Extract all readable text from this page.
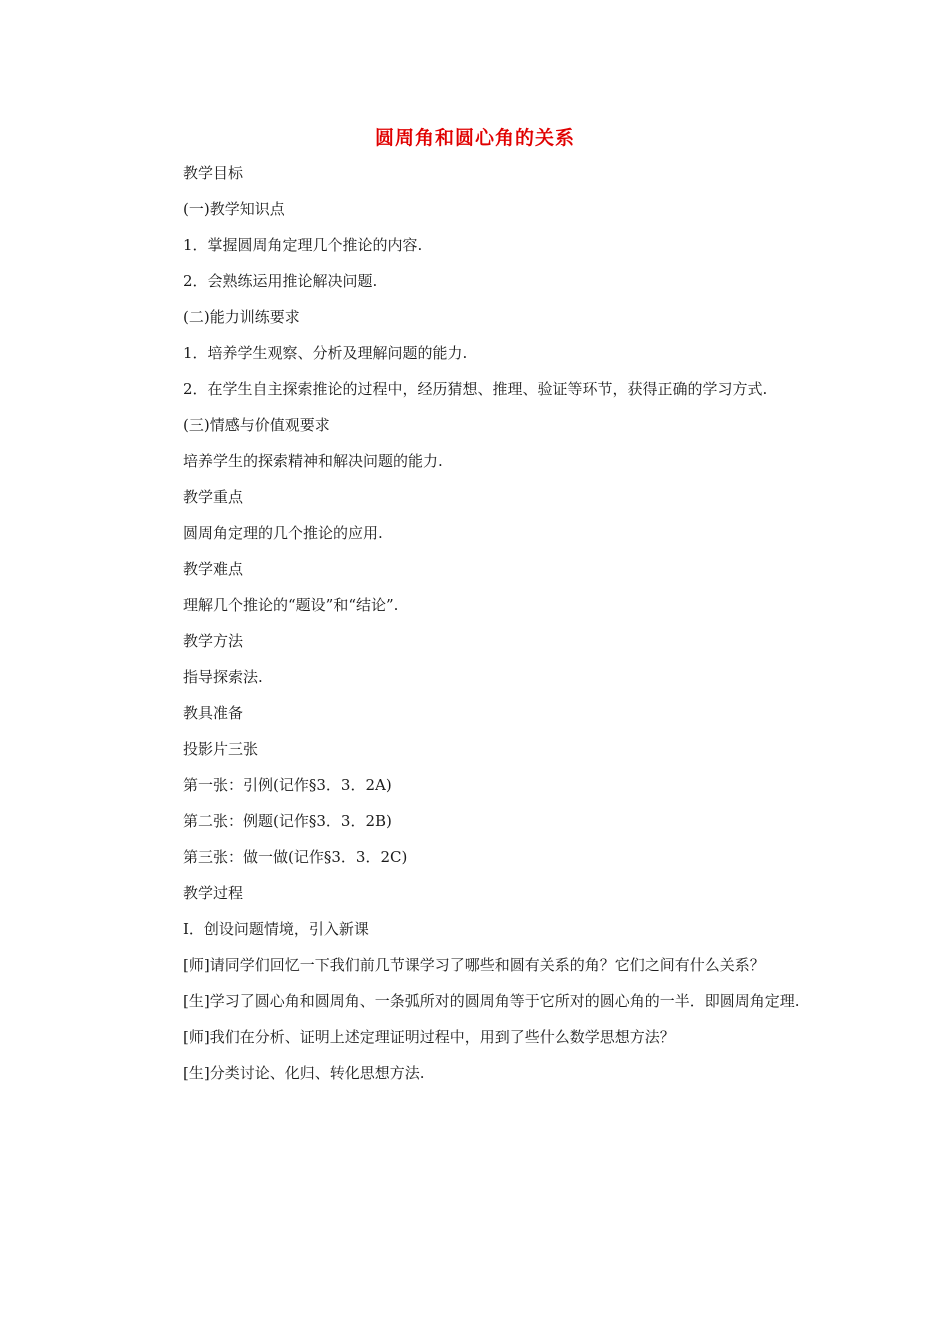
圆周角和圆心角的关系

教学目标

(一)教学知识点

1．掌握圆周角定理几个推论的内容.

2．会熟练运用推论解决问题.

(二)能力训练要求

1．培养学生观察、分析及理解问题的能力.

2．在学生自主探索推论的过程中，经历猜想、推理、验证等环节，获得正确的学习方式.

(三)情感与价值观要求

培养学生的探索精神和解决问题的能力.

教学重点

圆周角定理的几个推论的应用.

教学难点

理解几个推论的“题设”和“结论”.

教学方法

指导探索法.

教具准备

投影片三张

第一张：引例(记作§3．3．2A)

第二张：例题(记作§3．3．2B)

第三张：做一做(记作§3．3．2C)

教学过程

Ⅰ．创设问题情境，引入新课

[师]请同学们回忆一下我们前几节课学习了哪些和圆有关系的角？它们之间有什么关系？

[生]学习了圆心角和圆周角、一条弧所对的圆周角等于它所对的圆心角的一半．即圆周角定理.

[师]我们在分析、证明上述定理证明过程中，用到了些什么数学思想方法？

[生]分类讨论、化归、转化思想方法.
